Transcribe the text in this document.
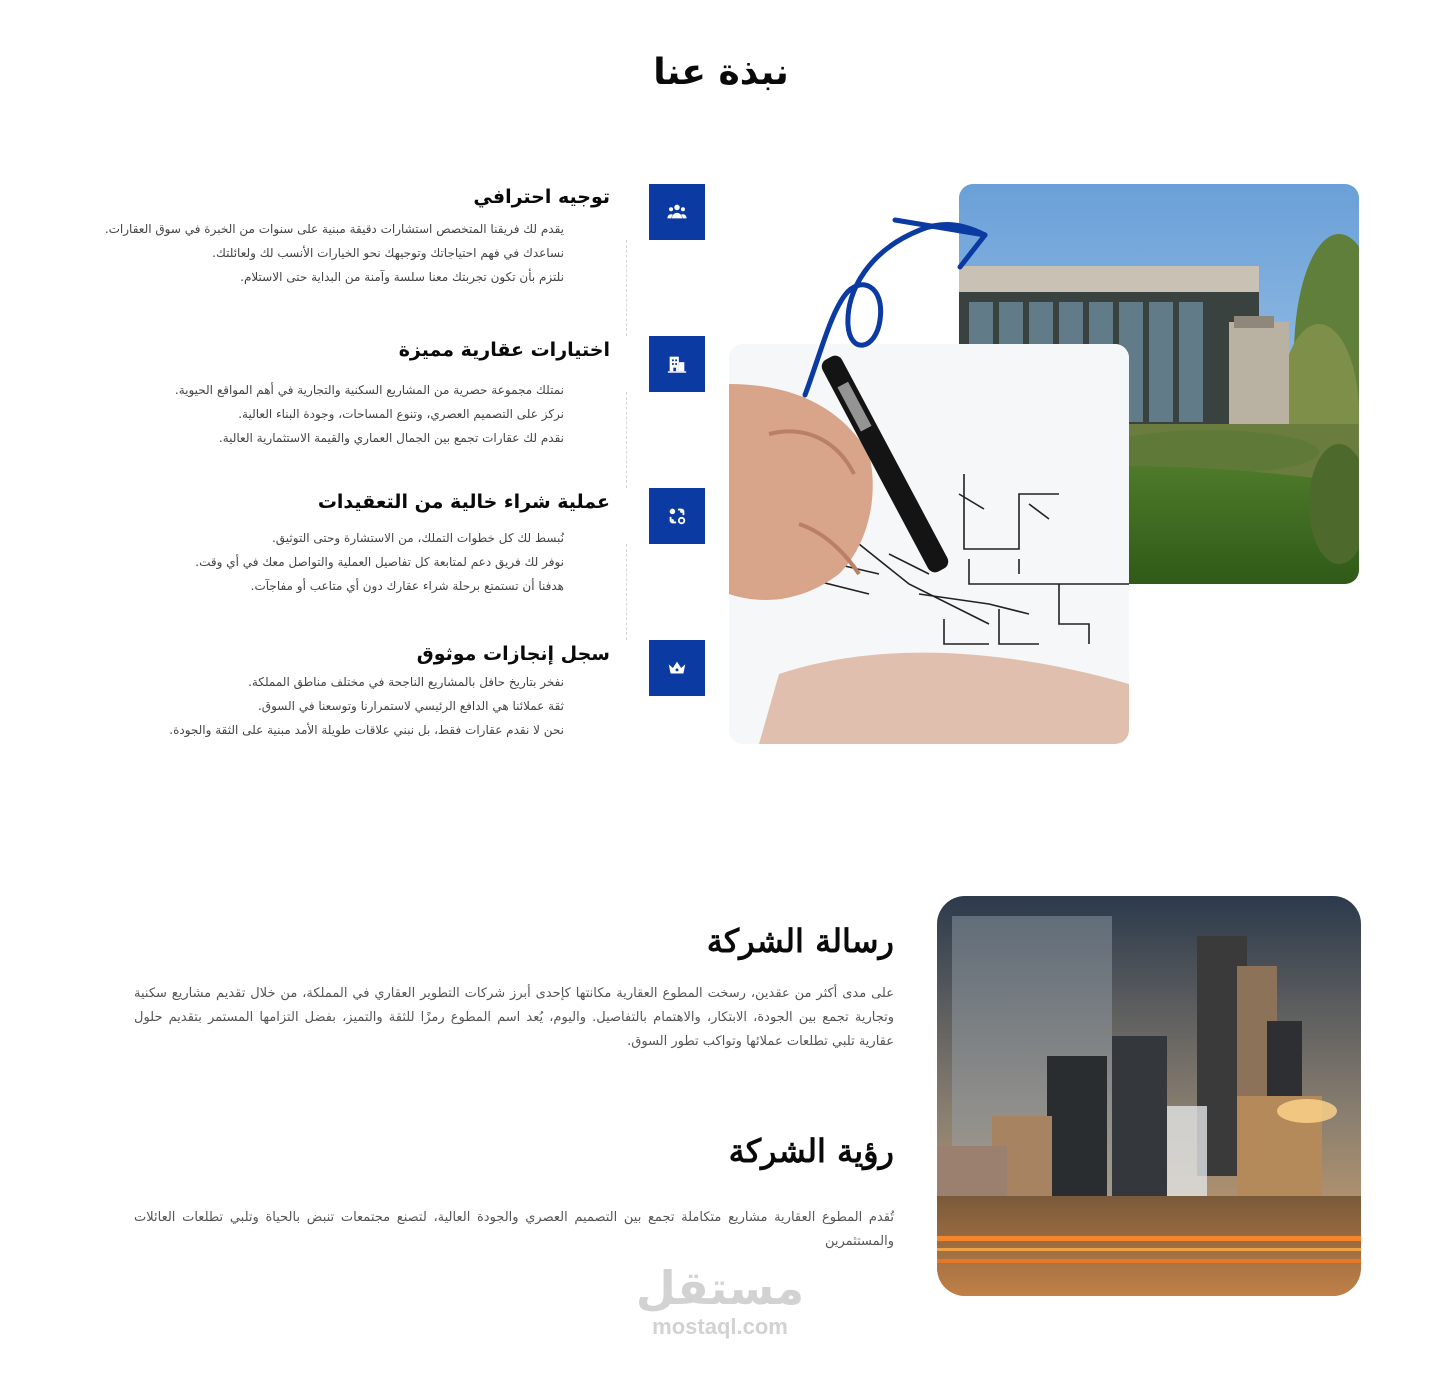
نبذة عنا
توجيه احترافي
يقدم لك فريقنا المتخصص استشارات دقيقة مبنية على سنوات من الخبرة في سوق العقارات.
نساعدك في فهم احتياجاتك وتوجيهك نحو الخيارات الأنسب لك ولعائلتك.
نلتزم بأن تكون تجربتك معنا سلسة وآمنة من البداية حتى الاستلام.
اختيارات عقارية مميزة
نمتلك مجموعة حصرية من المشاريع السكنية والتجارية في أهم المواقع الحيوية.
نركز على التصميم العصري، وتنوع المساحات، وجودة البناء العالية.
نقدم لك عقارات تجمع بين الجمال العماري والقيمة الاستثمارية العالية.
عملية شراء خالية من التعقيدات
نُبسط لك كل خطوات التملك، من الاستشارة وحتى التوثيق.
نوفر لك فريق دعم لمتابعة كل تفاصيل العملية والتواصل معك في أي وقت.
هدفنا أن تستمتع برحلة شراء عقارك دون أي متاعب أو مفاجآت.
سجل إنجازات موثوق
نفخر بتاريخ حافل بالمشاريع الناجحة في مختلف مناطق المملكة.
ثقة عملائنا هي الدافع الرئيسي لاستمرارنا وتوسعنا في السوق.
نحن لا نقدم عقارات فقط، بل نبني علاقات طويلة الأمد مبنية على الثقة والجودة.
رسالة الشركة

على مدى أكثر من عقدين، رسخت المطوع العقارية مكانتها كإحدى أبرز شركات التطوير العقاري في المملكة، من خلال تقديم مشاريع سكنية وتجارية تجمع بين الجودة، الابتكار، والاهتمام بالتفاصيل. واليوم، يُعد اسم المطوع رمزًا للثقة والتميز، بفضل التزامها المستمر بتقديم حلول عقارية تلبي تطلعات عملائها وتواكب تطور السوق.

رؤية الشركة

تُقدم المطوع العقارية مشاريع متكاملة تجمع بين التصميم العصري والجودة العالية، لتصنع مجتمعات تنبض بالحياة وتلبي تطلعات العائلات والمستثمرين

مستقل
mostaql.com
